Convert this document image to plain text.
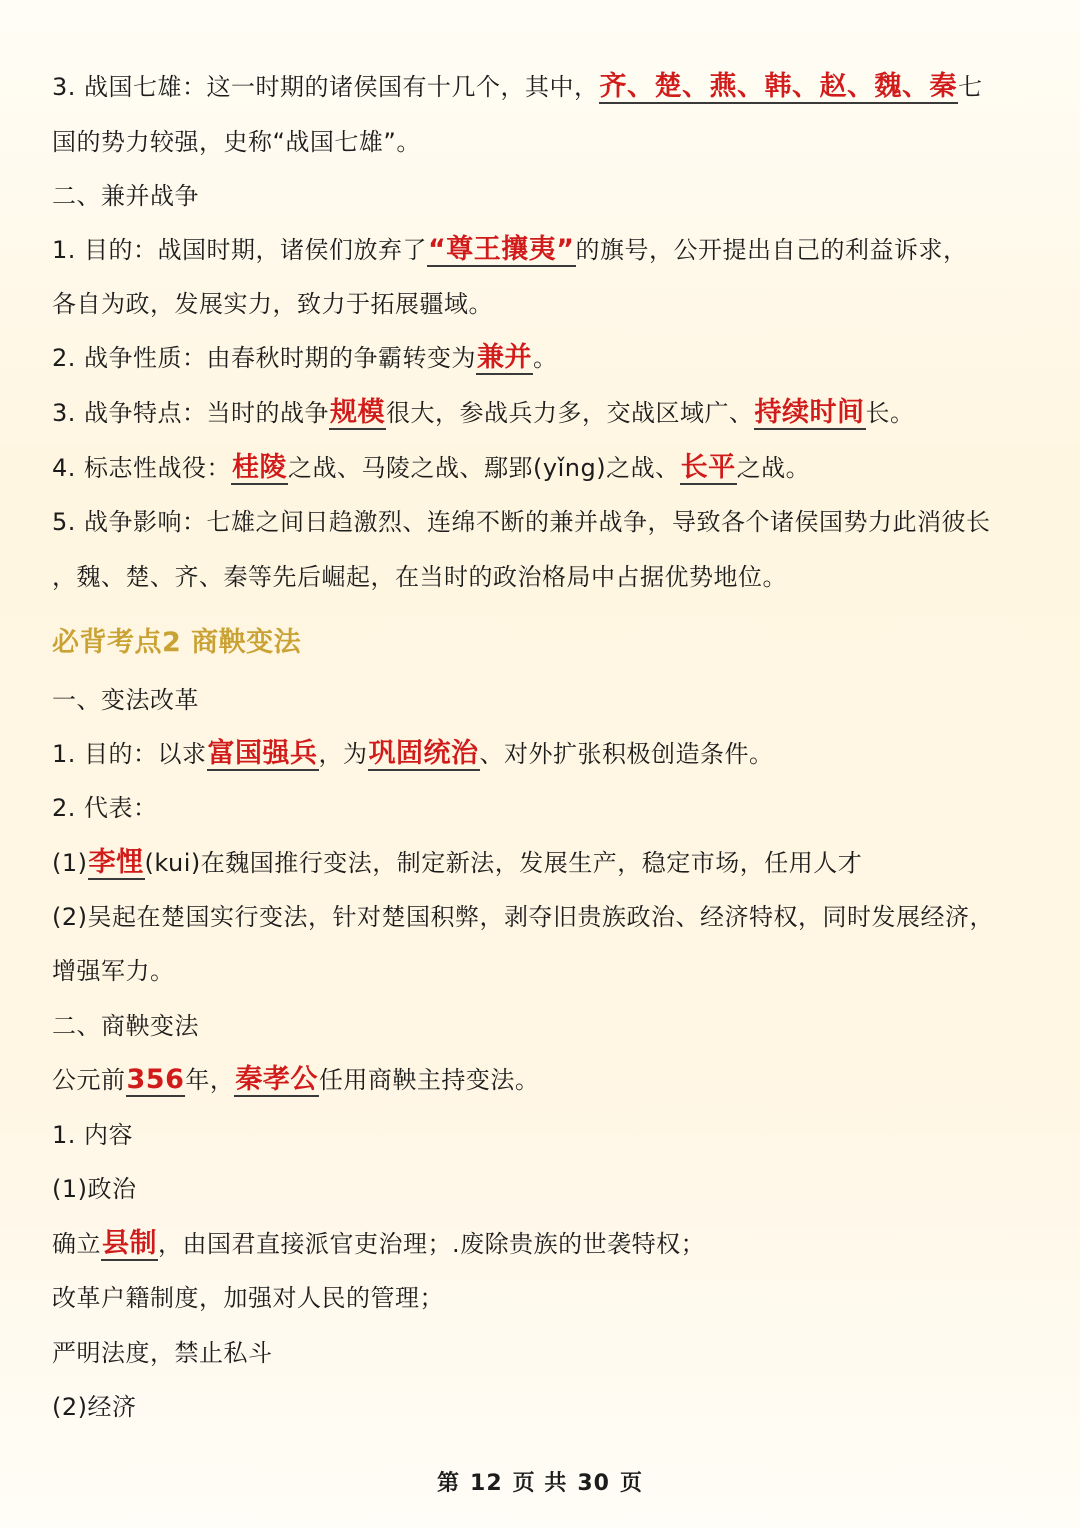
3. 战国七雄：这一时期的诸侯国有十几个，其中，齐、楚、燕、韩、赵、魏、秦七
国的势力较强，史称“战国七雄”。
二、兼并战争
1. 目的：战国时期，诸侯们放弃了“尊王攘夷”的旗号，公开提出自己的利益诉求，
各自为政，发展实力，致力于拓展疆域。
2. 战争性质：由春秋时期的争霸转变为兼并。
3. 战争特点：当时的战争规模很大，参战兵力多，交战区域广、持续时间长。
4. 标志性战役：桂陵之战、马陵之战、鄢郢(yǐng)之战、长平之战。
5. 战争影响：七雄之间日趋激烈、连绵不断的兼并战争，导致各个诸侯国势力此消彼长
，魏、楚、齐、秦等先后崛起，在当时的政治格局中占据优势地位。
必背考点2 商鞅变法
一、变法改革
1. 目的：以求富国强兵，为巩固统治、对外扩张积极创造条件。
2. 代表：
(1)李悝(kui)在魏国推行变法，制定新法，发展生产，稳定市场，任用人才
(2)吴起在楚国实行变法，针对楚国积弊，剥夺旧贵族政治、经济特权，同时发展经济，
增强军力。
二、商鞅变法
公元前356年，秦孝公任用商鞅主持变法。
1. 内容
(1)政治
确立县制，由国君直接派官吏治理；.废除贵族的世袭特权；
改革户籍制度，加强对人民的管理；
严明法度，禁止私斗
(2)经济
第 12 页 共 30 页
